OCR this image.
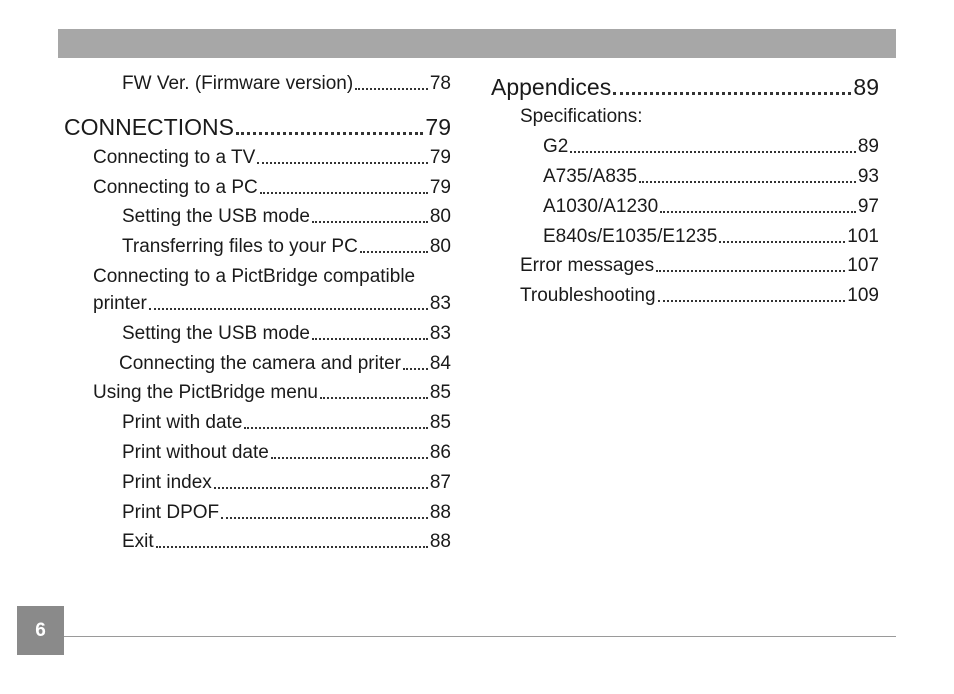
FW Ver. (Firmware version)	78
CONNECTIONS	79
Connecting to a TV	79
Connecting to a PC	79
Setting the USB mode	80
Transferring files to your PC	80
Connecting to a PictBridge compatible
printer	83
Setting the USB mode	83
Connecting the camera and priter 84
Using the PictBridge menu	85
Print with date	85
Print without date	86
Print index	87
Print DPOF	88
Exit	88
Appendices	89
Specifications:
G2	89
A735/A835	93
A1030/A1230	97
E840s/E1035/E1235	101
Error messages	107
Troubleshooting	109
6
